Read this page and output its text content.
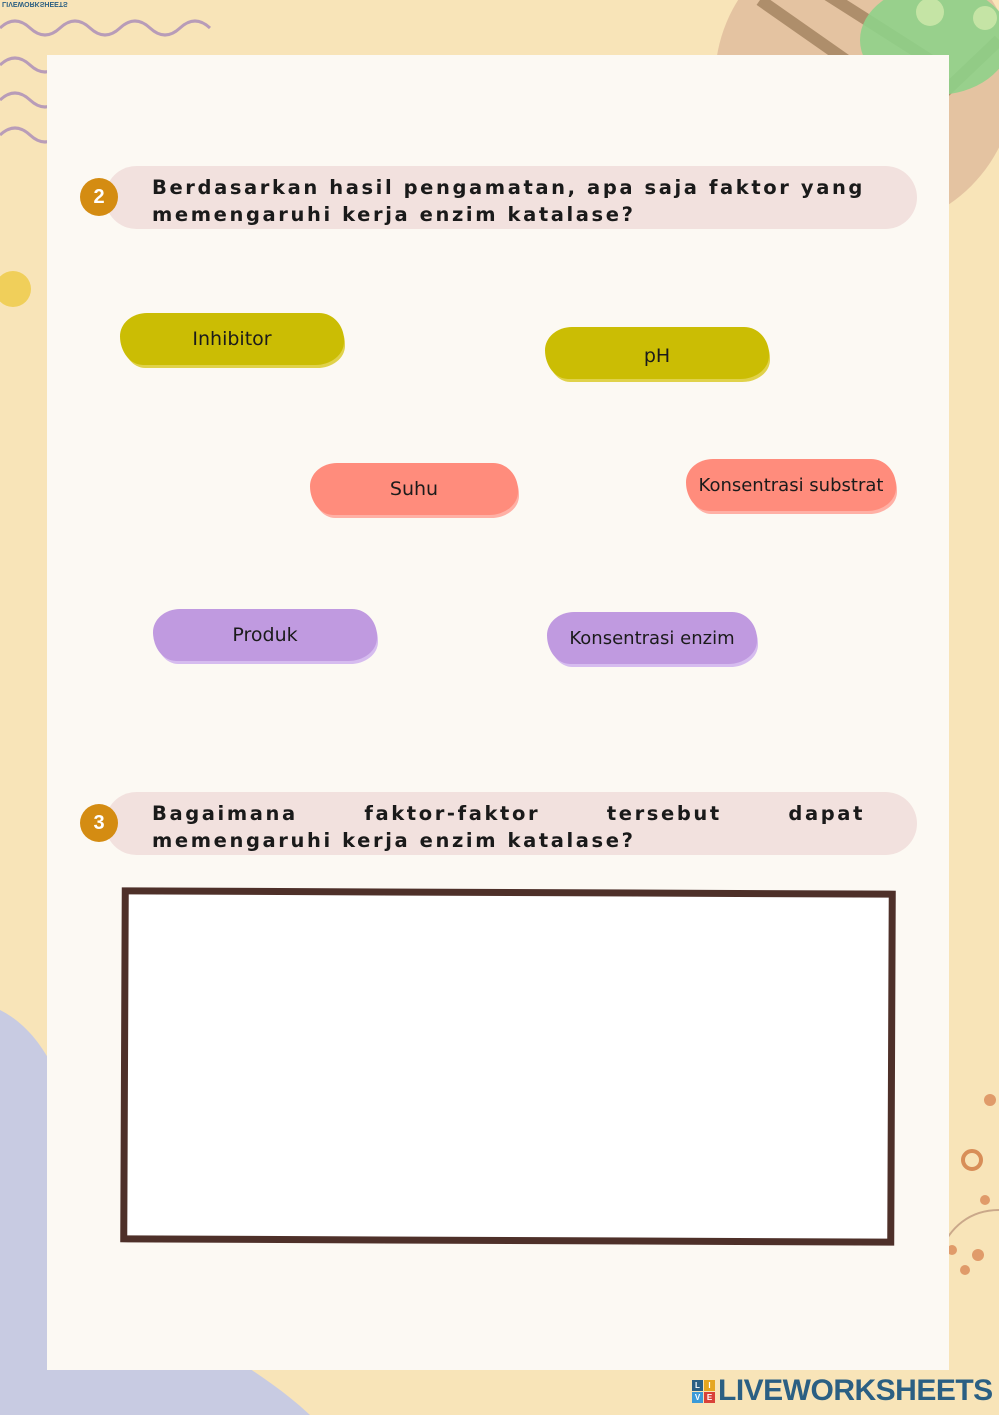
LIVEWORKSHEETS
Berdasarkan hasil pengamatan, apa saja faktor yang memengaruhi kerja enzim katalase?
2
Inhibitor
pH
Suhu	Konsentrasi substrat
Produk	Konsentrasi enzim
Bagaimana faktor-faktor tersebut dapat memengaruhi kerja enzim katalase?
3
L	I
V E LIVEWORKSHEETS
